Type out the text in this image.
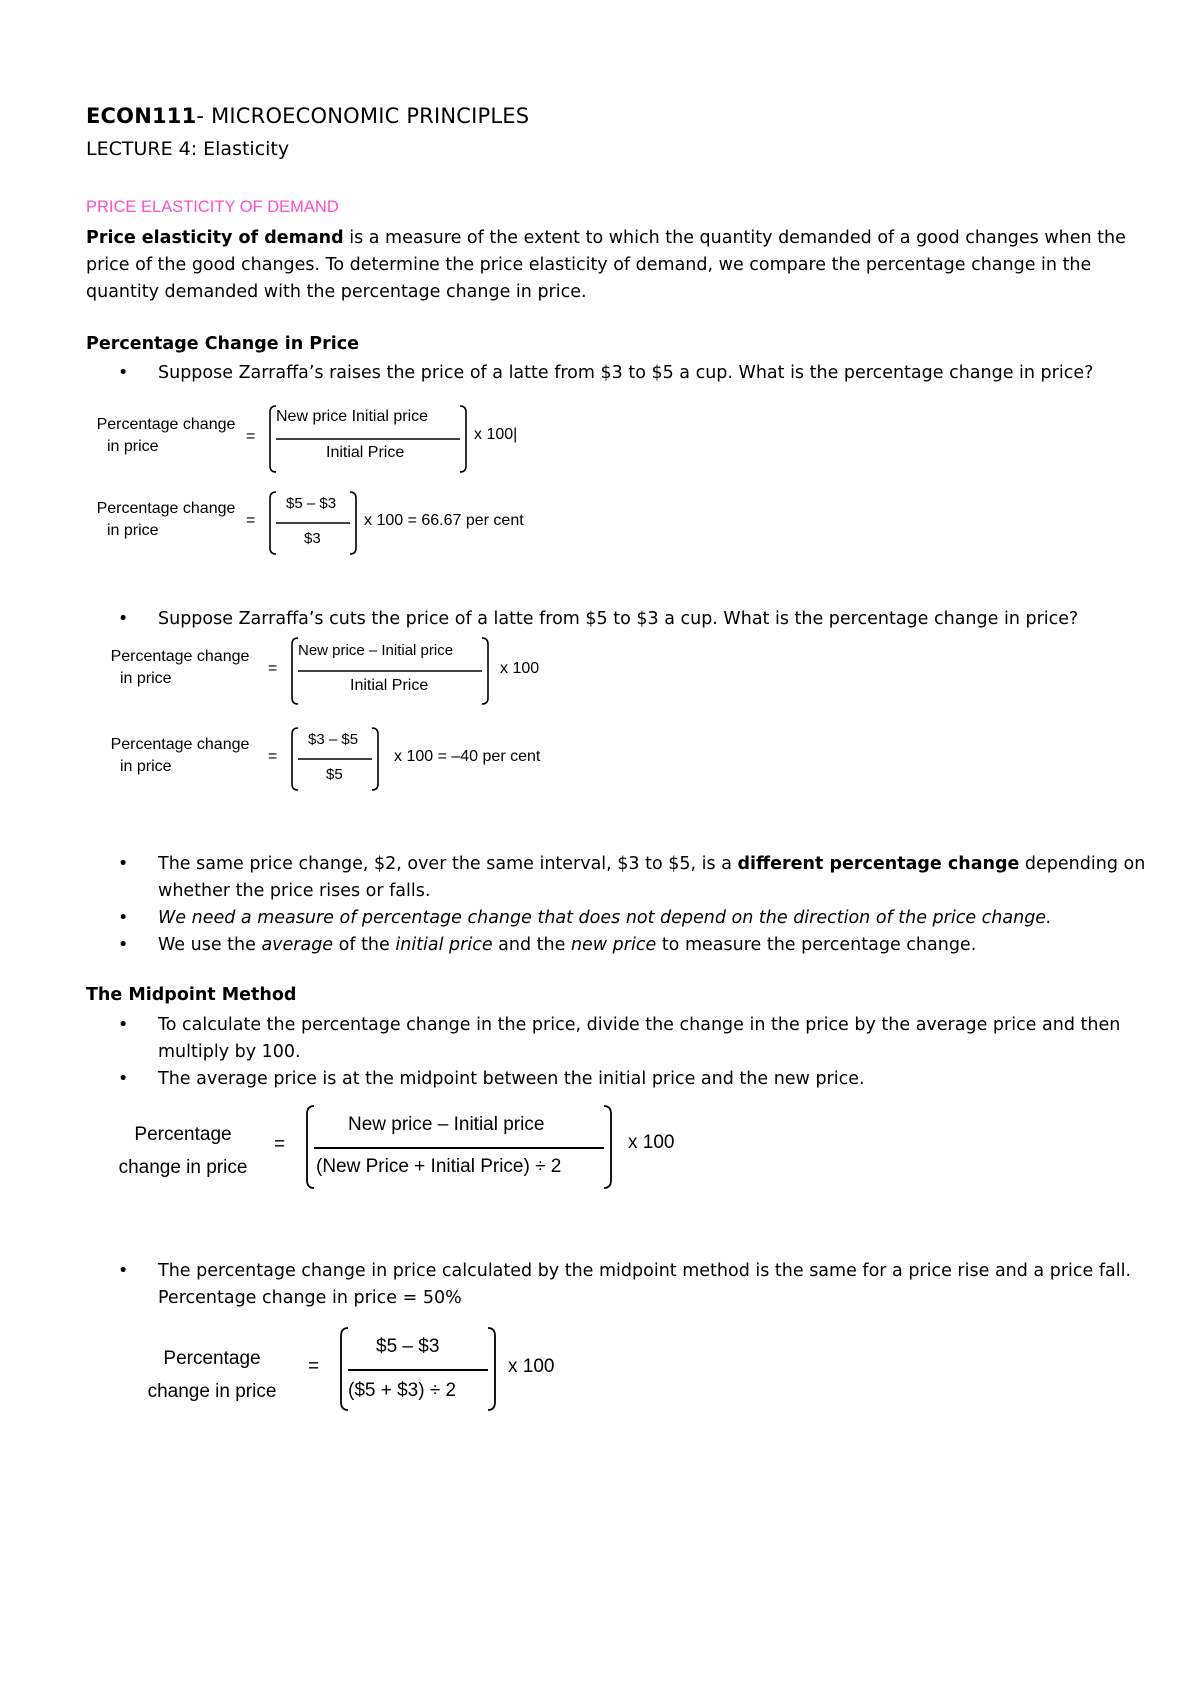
ECON111- MICROECONOMIC PRINCIPLES
LECTURE 4: Elasticity
PRICE ELASTICITY OF DEMAND
Price elasticity of demand is a measure of the extent to which the quantity demanded of a good changes when the price of the good changes. To determine the price elasticity of demand, we compare the percentage change in the quantity demanded with the percentage change in price.
Percentage Change in Price
•	Suppose Zarraffa’s raises the price of a latte from $3 to $5 a cup. What is the percentage change in price?
Percentage change
in price
=
New price Initial price
Initial Price
x 100|
Percentage change
in price
=
$5 – $3
$3
x 100 = 66.67 per cent
•	Suppose Zarraffa’s cuts the price of a latte from $5 to $3 a cup. What is the percentage change in price?
Percentage change
in price
=
New price – Initial price
Initial Price
x 100
Percentage change
in price
=
$3 – $5
$5
x 100 = –40 per cent
•	The same price change, $2, over the same interval, $3 to $5, is a different percentage change depending on whether the price rises or falls.
•	We need a measure of percentage change that does not depend on the direction of the price change.
•	We use the average of the initial price and the new price to measure the percentage change.
The Midpoint Method
•	To calculate the percentage change in the price, divide the change in the price by the average price and then multiply by 100.
•	The average price is at the midpoint between the initial price and the new price.
Percentage
change in price
=
New price – Initial price
(New Price + Initial Price) ÷ 2
x 100
•	The percentage change in price calculated by the midpoint method is the same for a price rise and a price fall.
Percentage change in price = 50%
Percentage
change in price
=
$5 – $3
($5 + $3) ÷ 2
x 100
